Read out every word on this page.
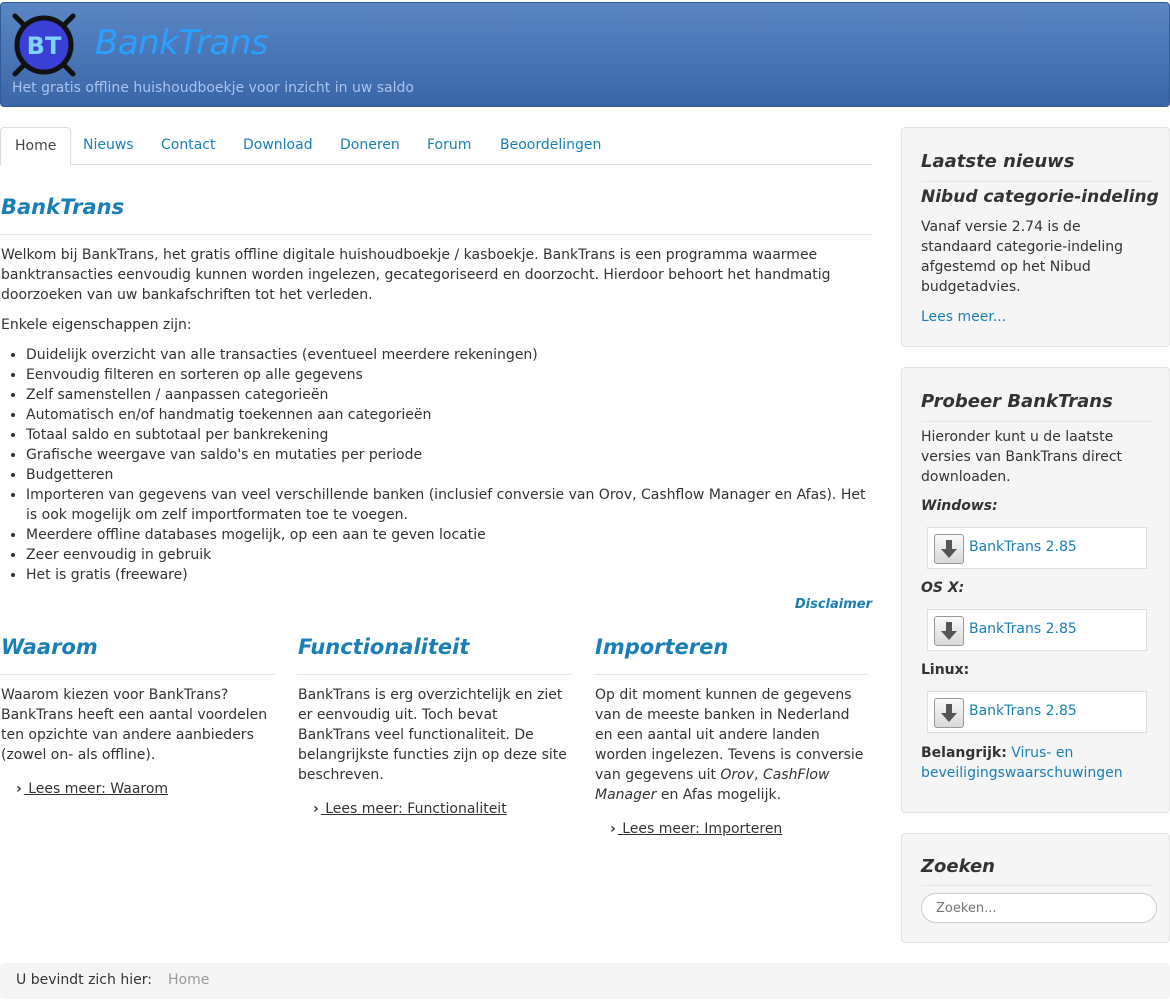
BT BankTrans
Het gratis offline huishoudboekje voor inzicht in uw saldo
Home	Nieuws	Contact	Download	Doneren	Forum	Beoordelingen
BankTrans

Welkom bij BankTrans, het gratis offline digitale huishoudboekje / kasboekje. BankTrans is een programma waarmee banktransacties eenvoudig kunnen worden ingelezen, gecategoriseerd en doorzocht. Hierdoor behoort het handmatig doorzoeken van uw bankafschriften tot het verleden.

Enkele eigenschappen zijn:

• Duidelijk overzicht van alle transacties (eventueel meerdere rekeningen)
• Eenvoudig filteren en sorteren op alle gegevens
• Zelf samenstellen / aanpassen categorieën
• Automatisch en/of handmatig toekennen aan categorieën
• Totaal saldo en subtotaal per bankrekening
• Grafische weergave van saldo's en mutaties per periode
• Budgetteren
• Importeren van gegevens van veel verschillende banken (inclusief conversie van Orov, Cashflow Manager en Afas). Het is ook mogelijk om zelf importformaten toe te voegen.
• Meerdere offline databases mogelijk, op een aan te geven locatie
• Zeer eenvoudig in gebruik
• Het is gratis (freeware)
Disclaimer
Waarom

Waarom kiezen voor BankTrans? BankTrans heeft een aantal voordelen ten opzichte van andere aanbieders (zowel on- als offline).

› Lees meer: Waarom
Functionaliteit

BankTrans is erg overzichtelijk en ziet er eenvoudig uit. Toch bevat BankTrans veel functionaliteit. De belangrijkste functies zijn op deze site beschreven.

› Lees meer: Functionaliteit
Importeren

Op dit moment kunnen de gegevens van de meeste banken in Nederland en een aantal uit andere landen worden ingelezen. Tevens is conversie van gegevens uit Orov, CashFlow Manager en Afas mogelijk.

› Lees meer: Importeren
Laatste nieuws
Nibud categorie-indeling

Vanaf versie 2.74 is de standaard categorie-indeling afgestemd op het Nibud budgetadvies.

Lees meer...
Probeer BankTrans

Hieronder kunt u de laatste versies van BankTrans direct downloaden.

Windows:
BankTrans 2.85
OS X:
BankTrans 2.85
Linux:
BankTrans 2.85

Belangrijk: Virus- en beveiligingswaarschuwingen

Zoeken
Zoeken...
U bevindt zich hier: Home
